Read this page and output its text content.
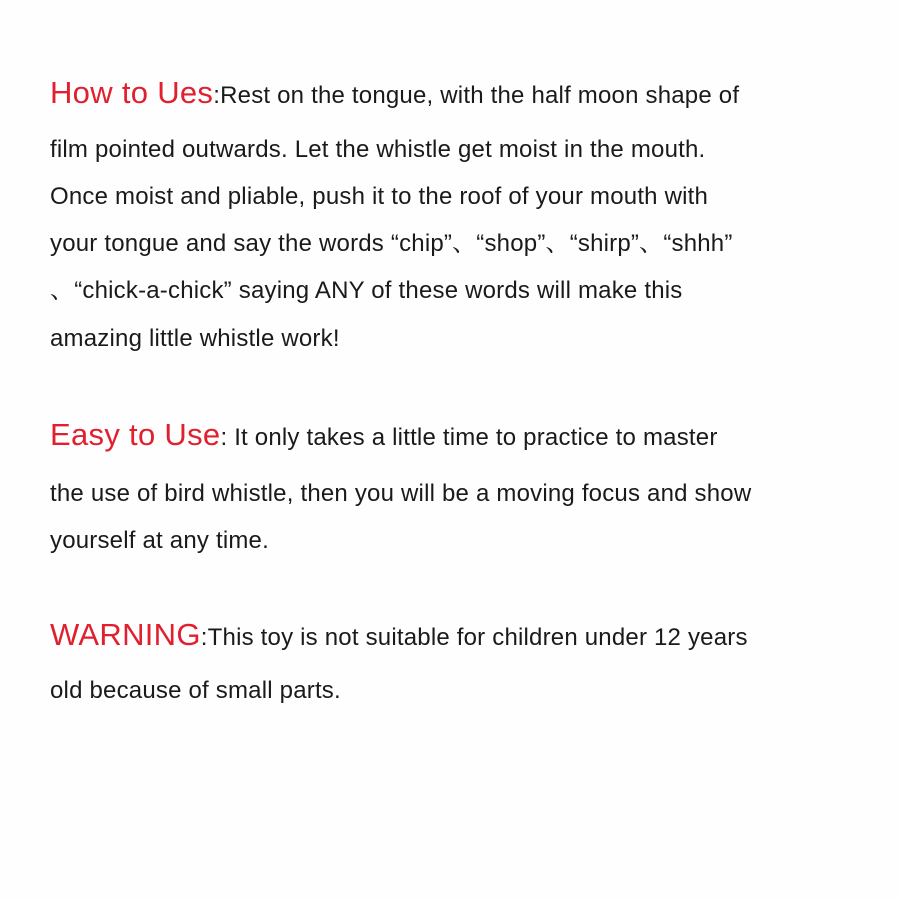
How to Ues:Rest on the tongue, with the half moon shape of
film pointed outwards. Let the whistle get moist in the mouth.
Once moist and pliable, push it to the roof of your mouth with
your tongue and say the words “chip”、“shop”、“shirp”、“shhh”
、“chick-a-chick” saying ANY of these words will make this
amazing little whistle work!
Easy to Use: It only takes a little time to practice to master
the use of bird whistle, then you will be a moving focus and show
yourself at any time.
WARNING:This toy is not suitable for children under 12 years
old because of small parts.
